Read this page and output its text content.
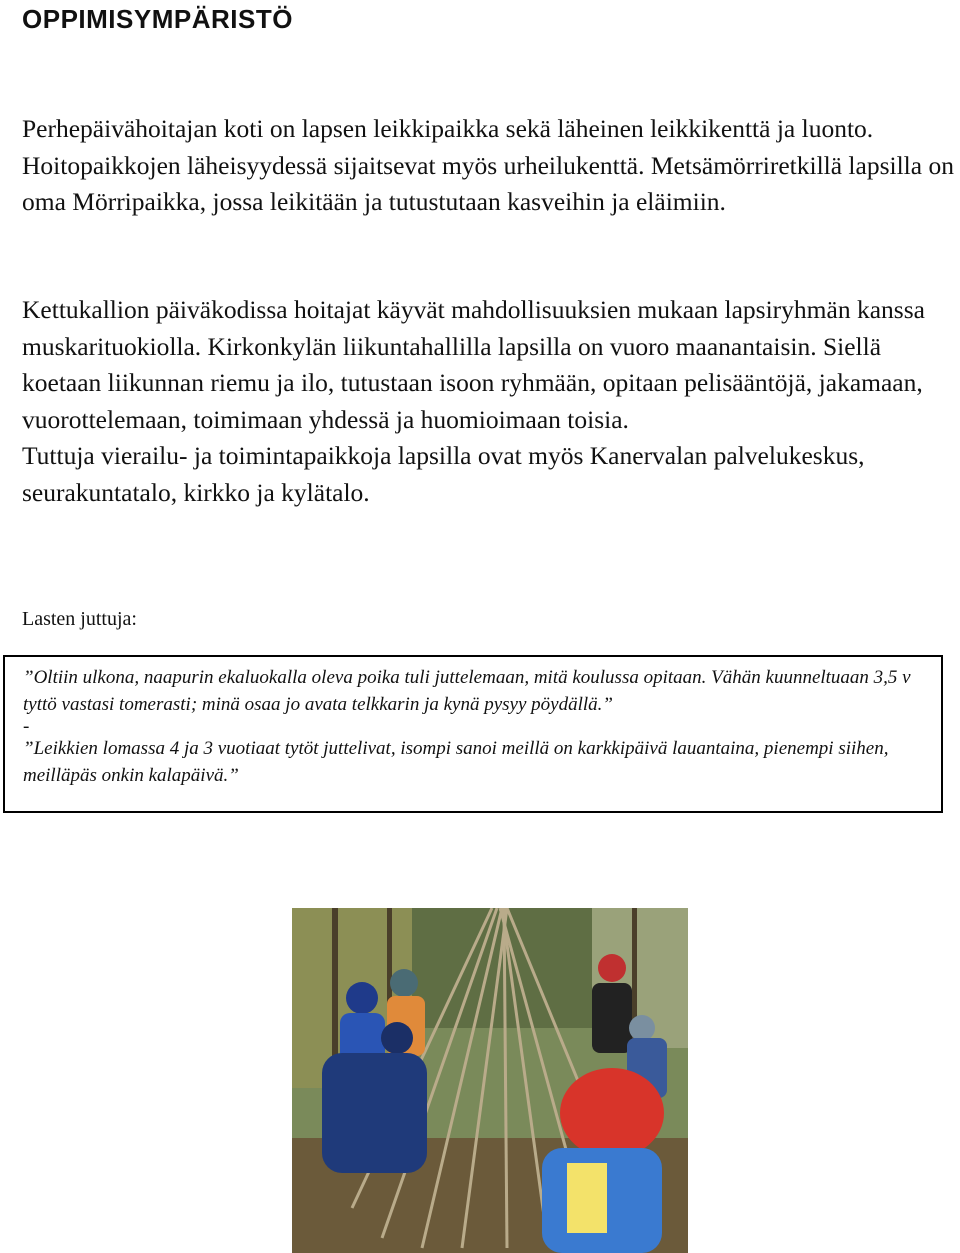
OPPIMISYMPÄRISTÖ
Perhepäivähoitajan koti on lapsen leikkipaikka sekä läheinen leikkikenttä ja luonto. Hoitopaikkojen läheisyydessä sijaitsevat myös urheilukenttä. Metsämörriretkillä lapsilla on oma Mörripaikka, jossa leikitään ja tutustutaan kasveihin ja eläimiin.
Kettukallion päiväkodissa hoitajat käyvät mahdollisuuksien mukaan lapsiryhmän kanssa muskarituokiolla. Kirkonkylän liikuntahallilla lapsilla on vuoro maanantaisin. Siellä koetaan liikunnan riemu ja ilo, tutustaan isoon ryhmään, opitaan pelisääntöjä, jakamaan, vuorottelemaan, toimimaan yhdessä ja huomioimaan toisia.
Tuttuja vierailu- ja toimintapaikkoja lapsilla ovat myös Kanervalan palvelukeskus, seurakuntatalo, kirkko ja kylätalo.
Lasten juttuja:

”Oltiin ulkona, naapurin ekaluokalla oleva poika tuli juttelemaan, mitä koulussa opitaan. Vähän kuunneltuaan 3,5 v tyttö vastasi tomerasti; minä osaa jo avata telkkarin ja kynä pysyy pöydällä.”

-

”Leikkien lomassa 4 ja 3 vuotiaat tytöt juttelivat, isompi sanoi meillä on karkkipäivä lauantaina, pienempi siihen, meilläpäs onkin kalapäivä.”
